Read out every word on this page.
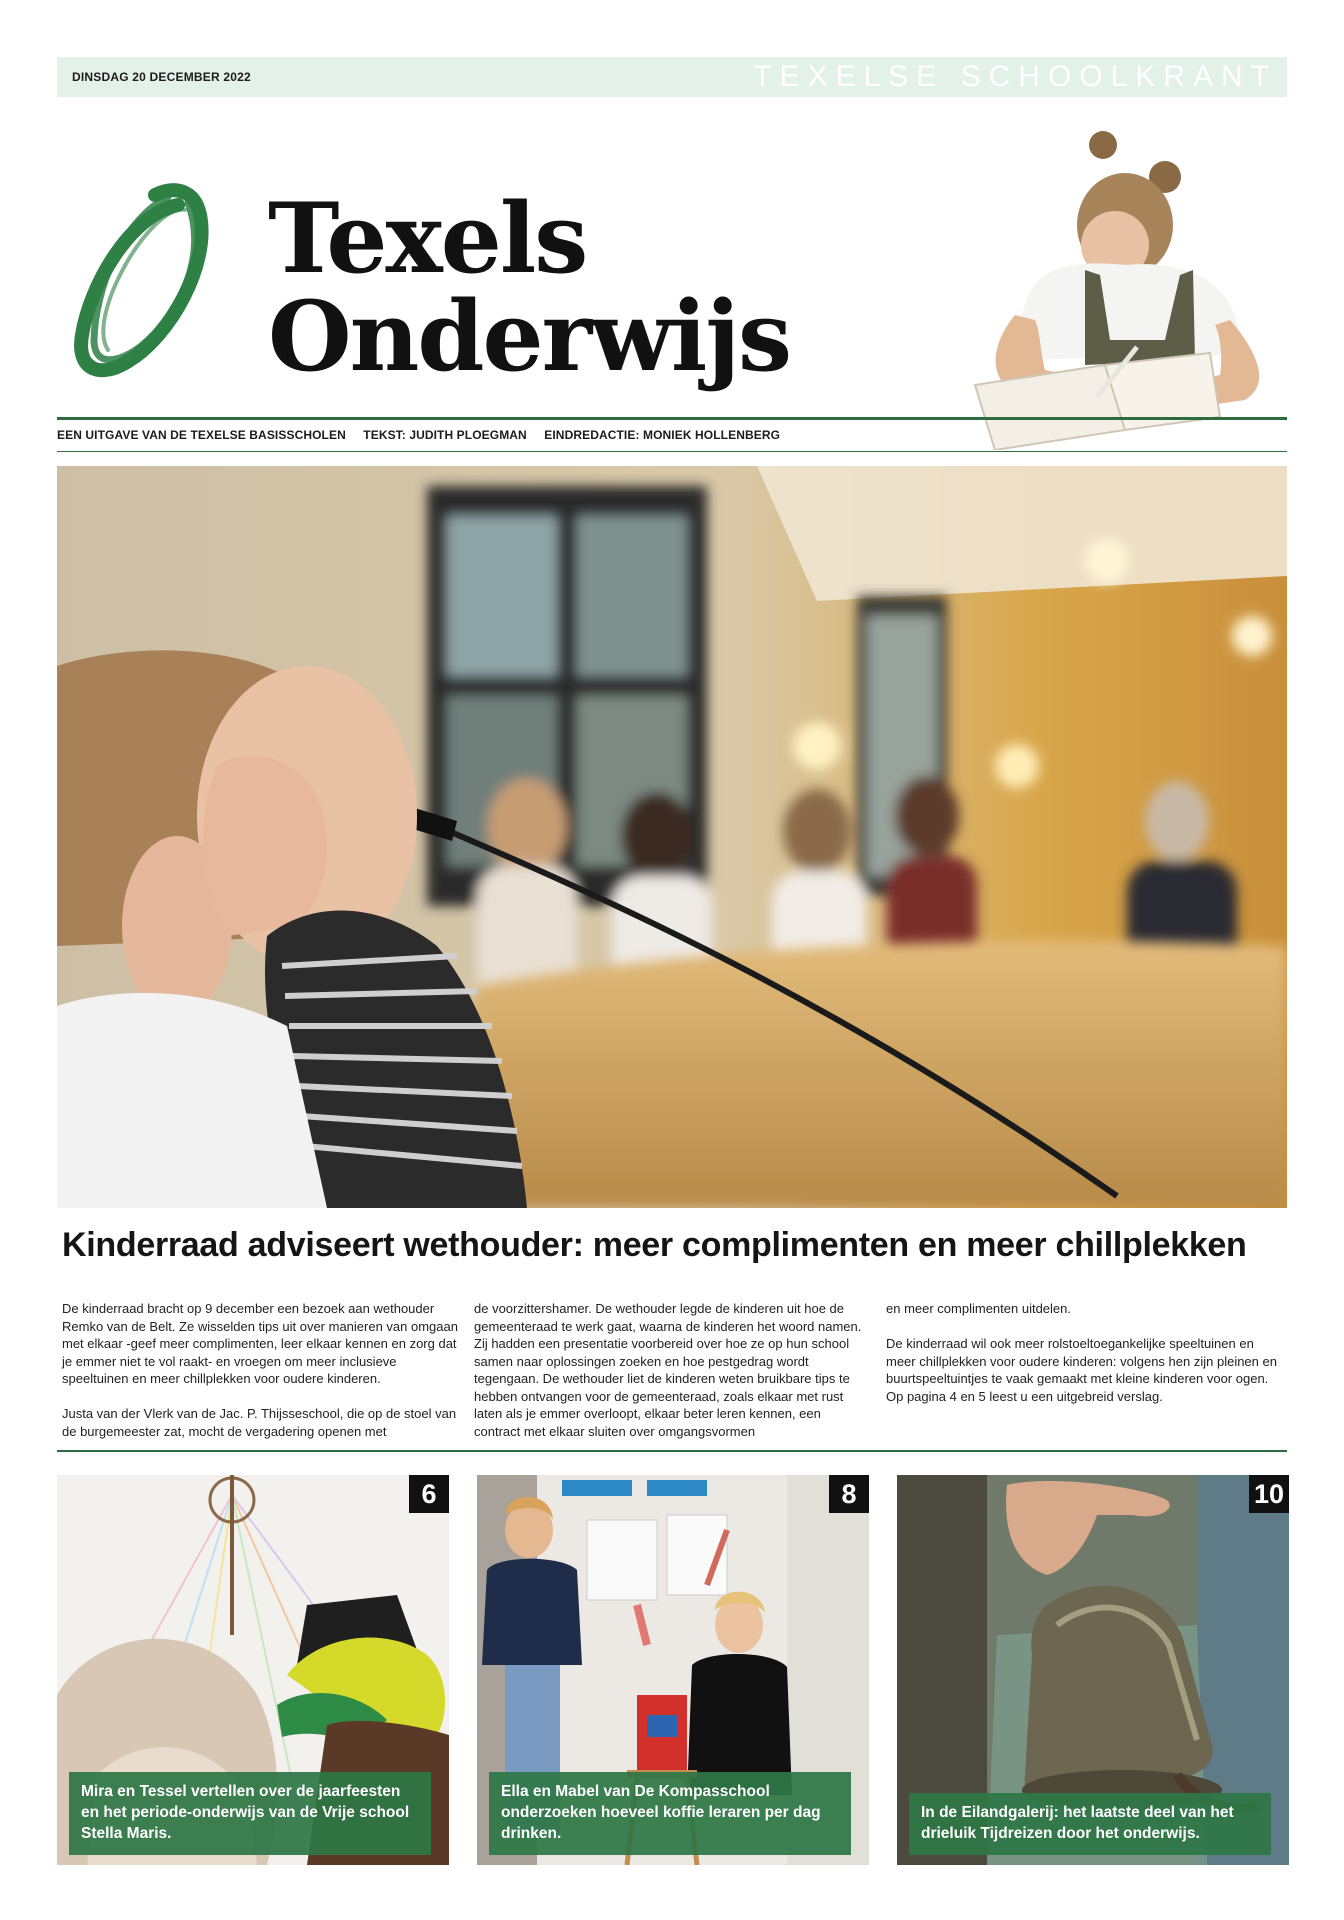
DINSDAG 20 DECEMBER 2022	TEXELSE SCHOOLKRANT
Texels
Onderwijs
EEN UITGAVE VAN DE TEXELSE BASISSCHOLEN TEKST: JUDITH PLOEGMAN EINDREDACTIE: MONIEK HOLLENBERG
Kinderraad adviseert wethouder: meer complimenten en meer chillplekken

De kinderraad bracht op 9 december een bezoek aan wethouder Remko van de Belt. Ze wisselden tips uit over manieren van omgaan met elkaar -geef meer complimenten, leer elkaar kennen en zorg dat je emmer niet te vol raakt- en vroegen om meer inclusieve speeltuinen en meer chillplekken voor oudere kinderen.

Justa van der Vlerk van de Jac. P. Thijsseschool, die op de stoel van de burgemeester zat, mocht de vergadering openen met

de voorzittershamer. De wethouder legde de kinderen uit hoe de gemeenteraad te werk gaat, waarna de kinderen het woord namen. Zij hadden een presentatie voorbereid over hoe ze op hun school samen naar oplossingen zoeken en hoe pestgedrag wordt tegengaan. De wethouder liet de kinderen weten bruikbare tips te hebben ontvangen voor de gemeenteraad, zoals elkaar met rust laten als je emmer overloopt, elkaar beter leren kennen, een contract met elkaar sluiten over omgangsvormen

en meer complimenten uitdelen.

De kinderraad wil ook meer rolstoeltoegankelijke speeltuinen en meer chillplekken voor oudere kinderen: volgens hen zijn pleinen en buurtspeeltuintjes te vaak gemaakt met kleine kinderen voor ogen. Op pagina 4 en 5 leest u een uitgebreid verslag.

6
Mira en Tessel vertellen over de jaarfeesten en het periode-onderwijs van de Vrije school Stella Maris.
8
Ella en Mabel van De Kompasschool onderzoeken hoeveel koffie leraren per dag drinken.
10
In de Eilandgalerij: het laatste deel van het drieluik Tijdreizen door het onderwijs.
